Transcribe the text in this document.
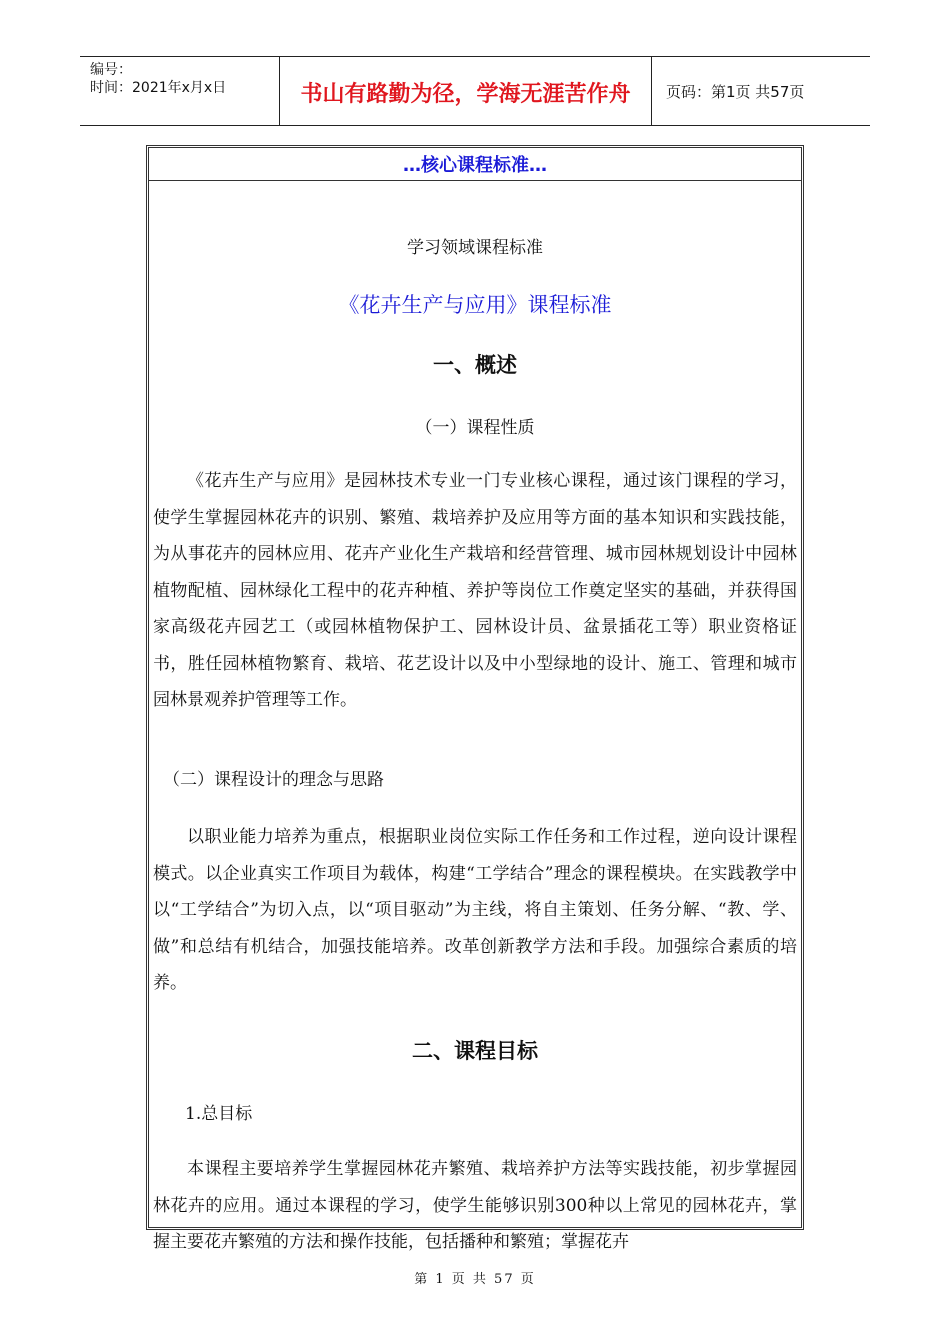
编号：
时间：2021年x月x日	书山有路勤为径，学海无涯苦作舟	页码：第1页 共57页
…核心课程标准…
学习领域课程标准
《花卉生产与应用》课程标准
一、概述
（一）课程性质
《花卉生产与应用》是园林技术专业一门专业核心课程，通过该门课程的学习，使学生掌握园林花卉的识别、繁殖、栽培养护及应用等方面的基本知识和实践技能，为从事花卉的园林应用、花卉产业化生产栽培和经营管理、城市园林规划设计中园林植物配植、园林绿化工程中的花卉种植、养护等岗位工作奠定坚实的基础，并获得国家高级花卉园艺工（或园林植物保护工、园林设计员、盆景插花工等）职业资格证书，胜任园林植物繁育、栽培、花艺设计以及中小型绿地的设计、施工、管理和城市园林景观养护管理等工作。
（二）课程设计的理念与思路
以职业能力培养为重点，根据职业岗位实际工作任务和工作过程，逆向设计课程模式。以企业真实工作项目为载体，构建“工学结合”理念的课程模块。在实践教学中以“工学结合”为切入点，以“项目驱动”为主线，将自主策划、任务分解、“教、学、做”和总结有机结合，加强技能培养。改革创新教学方法和手段。加强综合素质的培养。
二、课程目标
1.总目标
本课程主要培养学生掌握园林花卉繁殖、栽培养护方法等实践技能，初步掌握园林花卉的应用。通过本课程的学习，使学生能够识别300种以上常见的园林花卉，掌握主要花卉繁殖的方法和操作技能，包括播种和繁殖；掌握花卉
第 1 页 共 57 页
